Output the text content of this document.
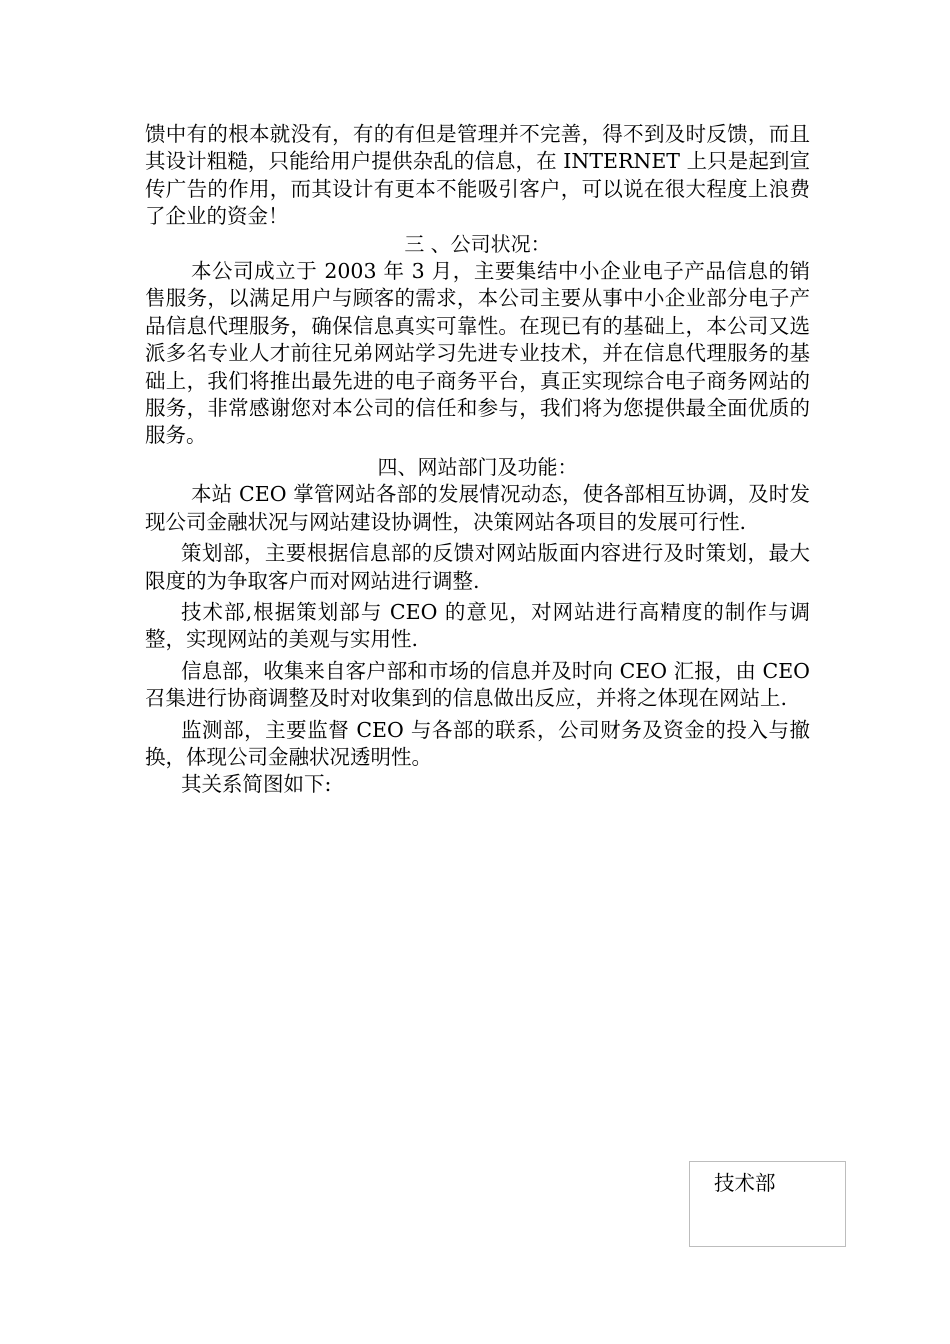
馈中有的根本就没有，有的有但是管理并不完善，得不到及时反馈，而且其设计粗糙，只能给用户提供杂乱的信息，在 INTERNET 上只是起到宣传广告的作用，而其设计有更本不能吸引客户，可以说在很大程度上浪费了企业的资金！

三 、公司状况：

本公司成立于 2003 年 3 月，主要集结中小企业电子产品信息的销售服务，以满足用户与顾客的需求，本公司主要从事中小企业部分电子产品信息代理服务，确保信息真实可靠性。在现已有的基础上，本公司又选派多名专业人才前往兄弟网站学习先进专业技术，并在信息代理服务的基础上，我们将推出最先进的电子商务平台，真正实现综合电子商务网站的服务，非常感谢您对本公司的信任和参与，我们将为您提供最全面优质的服务。

四、网站部门及功能：

本站 CEO 掌管网站各部的发展情况动态，使各部相互协调，及时发现公司金融状况与网站建设协调性，决策网站各项目的发展可行性.

策划部，主要根据信息部的反馈对网站版面内容进行及时策划，最大限度的为争取客户而对网站进行调整.

技术部,根据策划部与 CEO 的意见，对网站进行高精度的制作与调整，实现网站的美观与实用性.

信息部，收集来自客户部和市场的信息并及时向 CEO 汇报，由 CEO 召集进行协商调整及时对收集到的信息做出反应，并将之体现在网站上.

监测部，主要监督 CEO 与各部的联系，公司财务及资金的投入与撤换，体现公司金融状况透明性。

其关系简图如下:

技术部
